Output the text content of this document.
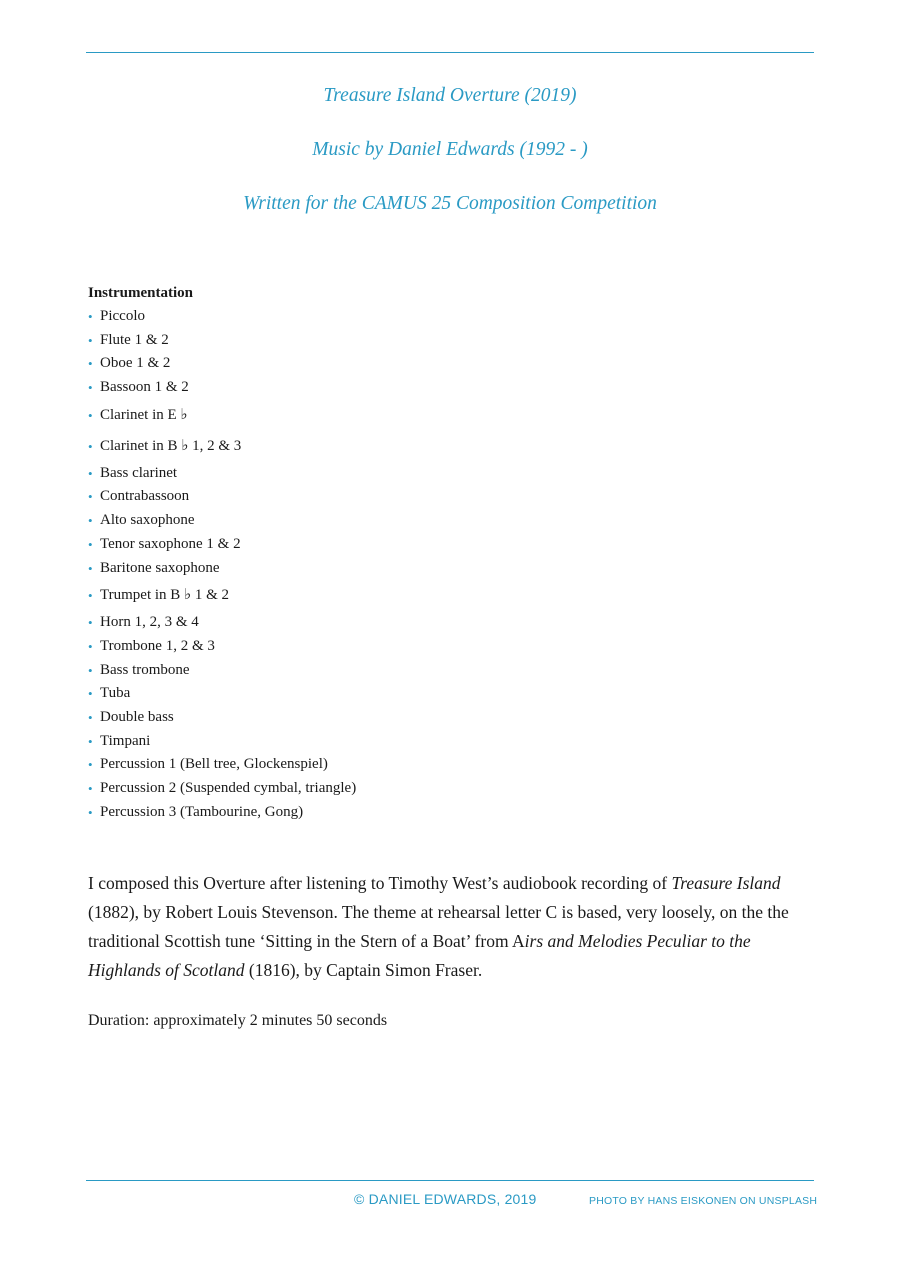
Treasure Island Overture (2019)

Music by Daniel Edwards (1992 - )

Written for the CAMUS 25 Composition Competition

Instrumentation

• Piccolo
• Flute 1 & 2
• Oboe 1 & 2
• Bassoon 1 & 2
• Clarinet in E ♭
• Clarinet in B ♭ 1, 2 & 3
• Bass clarinet
• Contrabassoon
• Alto saxophone
• Tenor saxophone 1 & 2
• Baritone saxophone
• Trumpet in B ♭ 1 & 2
• Horn 1, 2, 3 & 4
• Trombone 1, 2 & 3
• Bass trombone
• Tuba
• Double bass
• Timpani
• Percussion 1 (Bell tree, Glockenspiel)
• Percussion 2 (Suspended cymbal, triangle)
• Percussion 3 (Tambourine, Gong)

I composed this Overture after listening to Timothy West’s audiobook recording of Treasure Island (1882), by Robert Louis Stevenson. The theme at rehearsal letter C is based, very loosely, on the the traditional Scottish tune ‘Sitting in the Stern of a Boat’ from Airs and Melodies Peculiar to the Highlands of Scotland (1816), by Captain Simon Fraser.

Duration: approximately 2 minutes 50 seconds

© DANIEL EDWARDS, 2019	PHOTO BY HANS EISKONEN ON UNSPLASH
